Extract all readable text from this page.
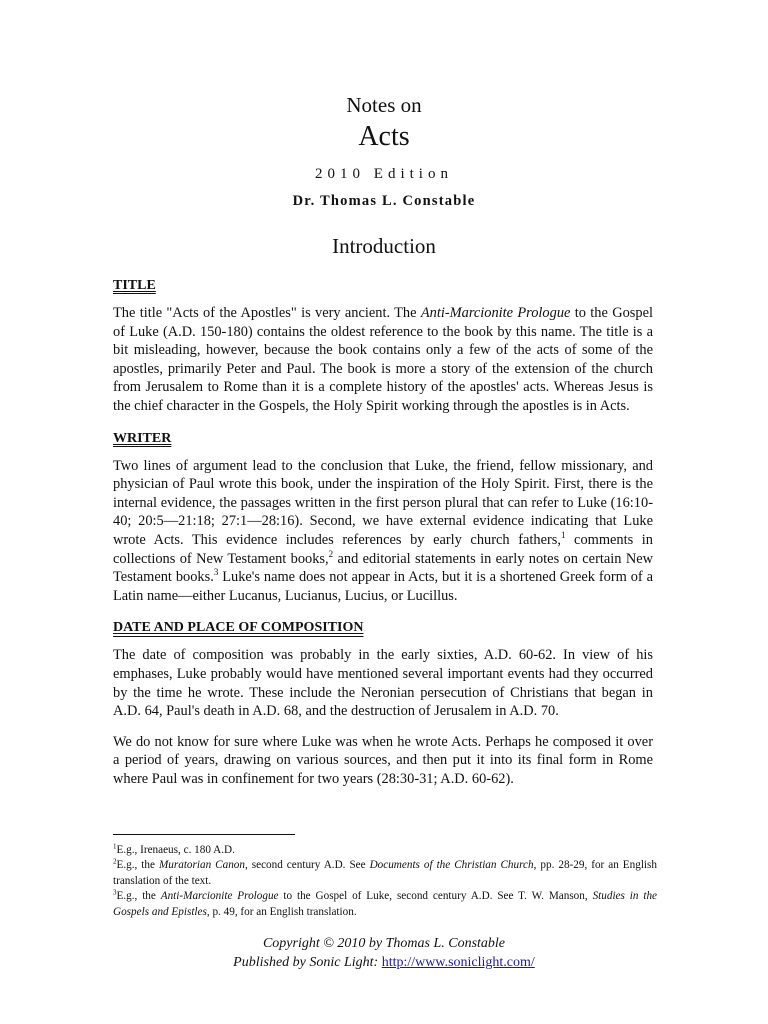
Notes on
Acts
2010 Edition
Dr. Thomas L. Constable
Introduction
TITLE

The title "Acts of the Apostles" is very ancient. The Anti-Marcionite Prologue to the Gospel of Luke (A.D. 150-180) contains the oldest reference to the book by this name. The title is a bit misleading, however, because the book contains only a few of the acts of some of the apostles, primarily Peter and Paul. The book is more a story of the extension of the church from Jerusalem to Rome than it is a complete history of the apostles' acts. Whereas Jesus is the chief character in the Gospels, the Holy Spirit working through the apostles is in Acts.

WRITER

Two lines of argument lead to the conclusion that Luke, the friend, fellow missionary, and physician of Paul wrote this book, under the inspiration of the Holy Spirit. First, there is the internal evidence, the passages written in the first person plural that can refer to Luke (16:10-40; 20:5—21:18; 27:1—28:16). Second, we have external evidence indicating that Luke wrote Acts. This evidence includes references by early church fathers,$^1$ comments in collections of New Testament books,$^2$ and editorial statements in early notes on certain New Testament books.$^3$ Luke's name does not appear in Acts, but it is a shortened Greek form of a Latin name—either Lucanus, Lucianus, Lucius, or Lucillus.

DATE AND PLACE OF COMPOSITION

The date of composition was probably in the early sixties, A.D. 60-62. In view of his emphases, Luke probably would have mentioned several important events had they occurred by the time he wrote. These include the Neronian persecution of Christians that began in A.D. 64, Paul's death in A.D. 68, and the destruction of Jerusalem in A.D. 70.

We do not know for sure where Luke was when he wrote Acts. Perhaps he composed it over a period of years, drawing on various sources, and then put it into its final form in Rome where Paul was in confinement for two years (28:30-31; A.D. 60-62).

$^1$E.g., Irenaeus, c. 180 A.D.
$^2$E.g., the Muratorian Canon, second century A.D. See Documents of the Christian Church, pp. 28-29, for an English translation of the text.
$^3$E.g., the Anti-Marcionite Prologue to the Gospel of Luke, second century A.D. See T. W. Manson, Studies in the Gospels and Epistles, p. 49, for an English translation.
Copyright © 2010 by Thomas L. Constable
Published by Sonic Light: http://www.soniclight.com/
